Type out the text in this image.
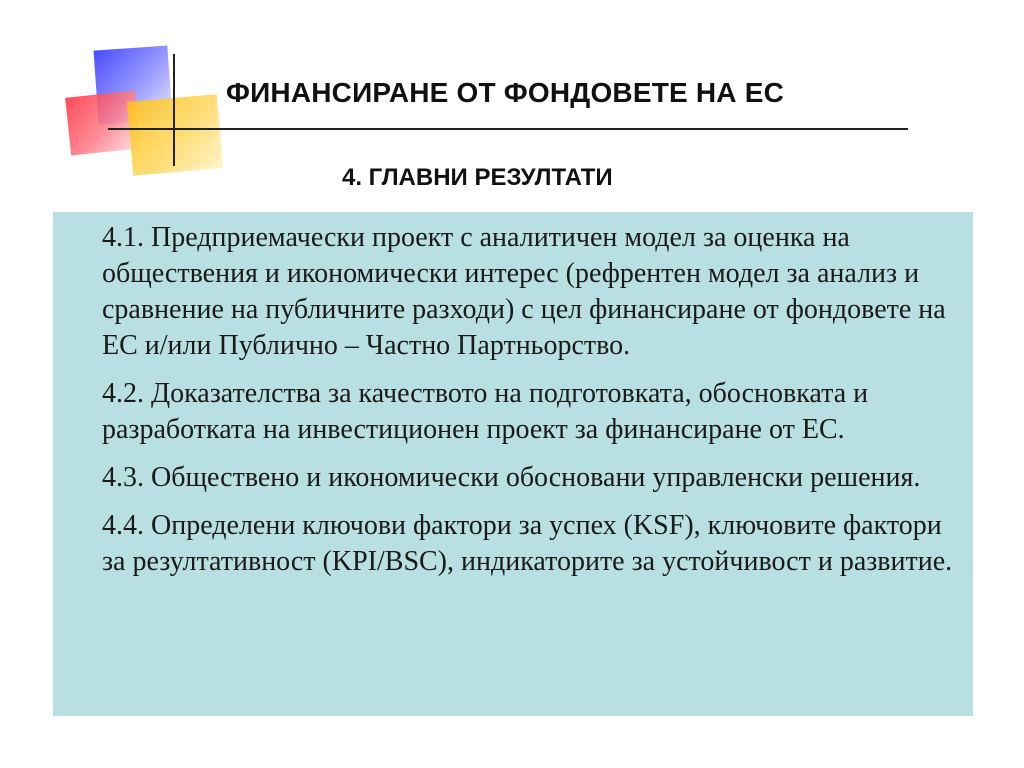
ФИНАНСИРАНЕ ОТ ФОНДОВЕТЕ НА ЕС
4. ГЛАВНИ РЕЗУЛТАТИ
4.1. Предприемачески проект с аналитичен модел за оценка на обществения и икономически интерес (рефрентен модел за анализ и сравнение на публичните разходи) с цел финансиране от фондовете на ЕС и/или Публично – Частно Партньорство.
4.2. Доказателства за качеството на подготовката, обосновката и разработката на инвестиционен проект за финансиране от ЕС.
4.3. Обществено и икономически обосновани управленски решения.
4.4. Определени ключови фактори за успех (KSF), ключовите фактори за резултативност (KPI/BSC), индикаторите за устойчивост и развитие.
